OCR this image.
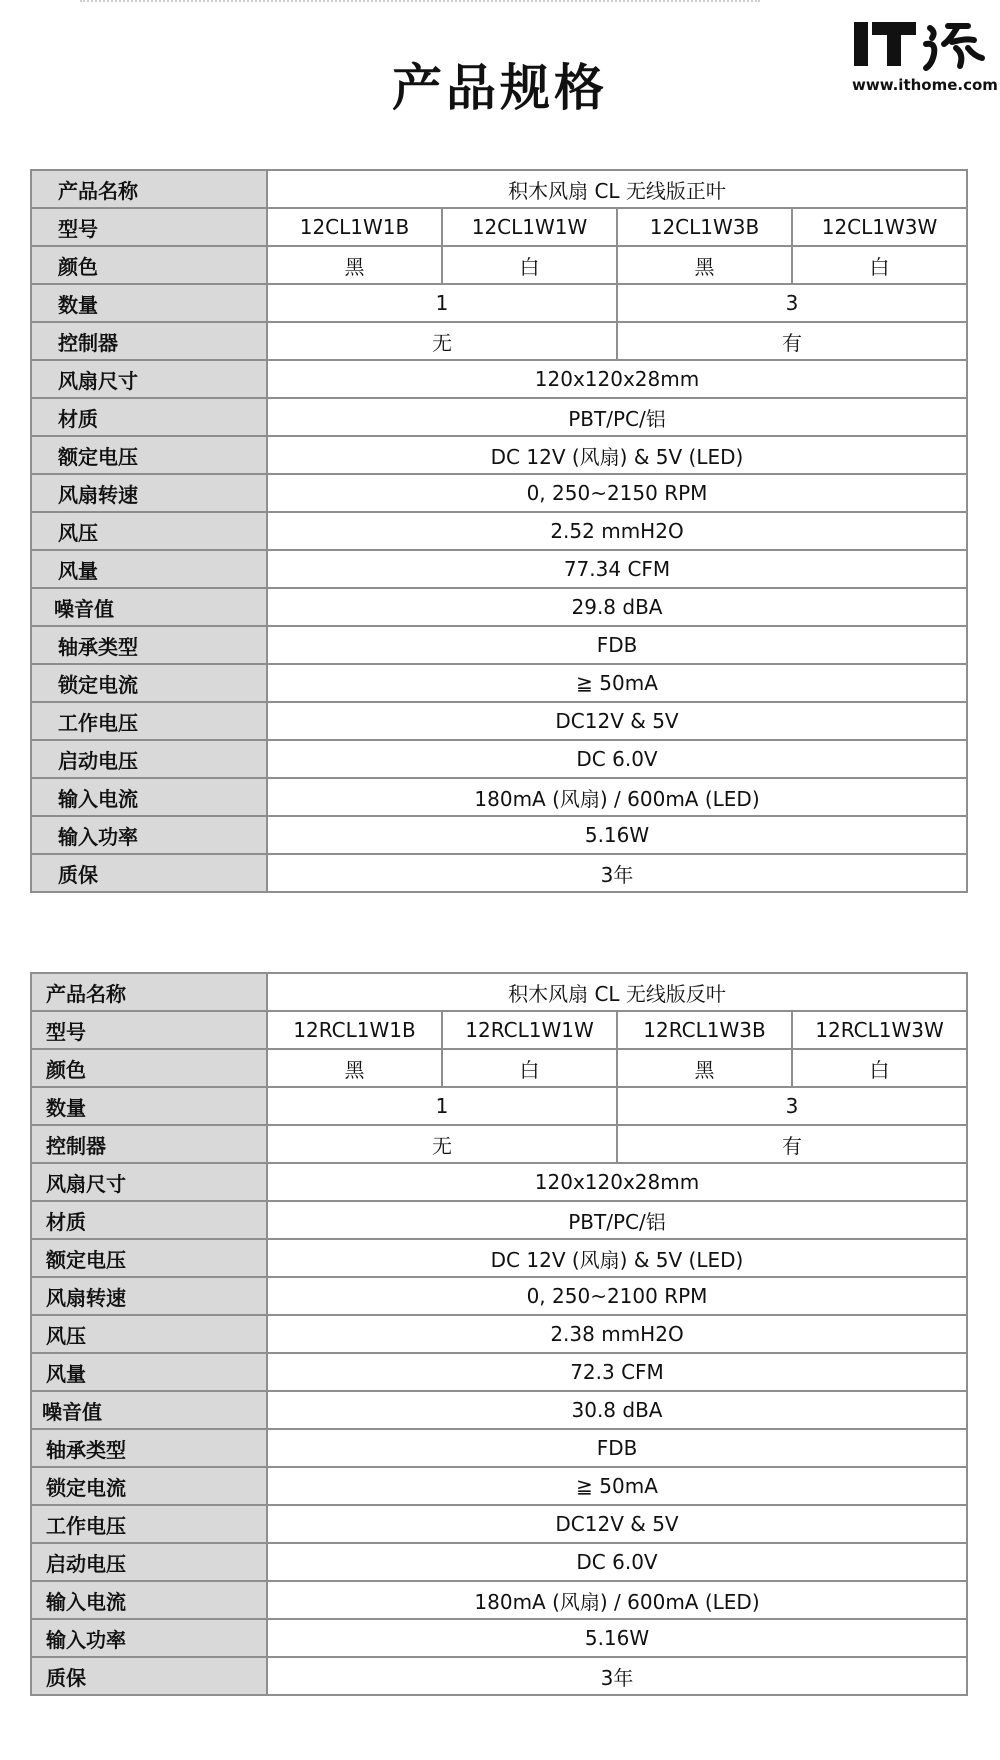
产品规格	www.ithome.com
产品名称	积木风扇 CL 无线版正叶			
型号	12CL1W1B	12CL1W1W	12CL1W3B	12CL1W3W
颜色	黑	白	黑	白
数量	1		3	
控制器	无		有	
风扇尺寸	120x120x28mm			
材质	PBT/PC/铝			
额定电压	DC 12V (风扇) & 5V (LED)			
风扇转速	0, 250~2150 RPM			
风压	2.52 mmH2O			
风量	77.34 CFM			
噪音值	29.8 dBA			
轴承类型	FDB			
锁定电流	≧ 50mA			
工作电压	DC12V & 5V			
启动电压	DC 6.0V			
输入电流	180mA (风扇) / 600mA (LED)			
输入功率	5.16W			
质保	3年			
产品名称	积木风扇 CL 无线版反叶			
型号	12RCL1W1B	12RCL1W1W	12RCL1W3B	12RCL1W3W
颜色	黑	白	黑	白
数量	1		3	
控制器	无		有	
风扇尺寸	120x120x28mm			
材质	PBT/PC/铝			
额定电压	DC 12V (风扇) & 5V (LED)			
风扇转速	0, 250~2100 RPM			
风压	2.38 mmH2O			
风量	72.3 CFM			
噪音值	30.8 dBA			
轴承类型	FDB			
锁定电流	≧ 50mA			
工作电压	DC12V & 5V			
启动电压	DC 6.0V			
输入电流	180mA (风扇) / 600mA (LED)			
输入功率	5.16W			
质保	3年			
